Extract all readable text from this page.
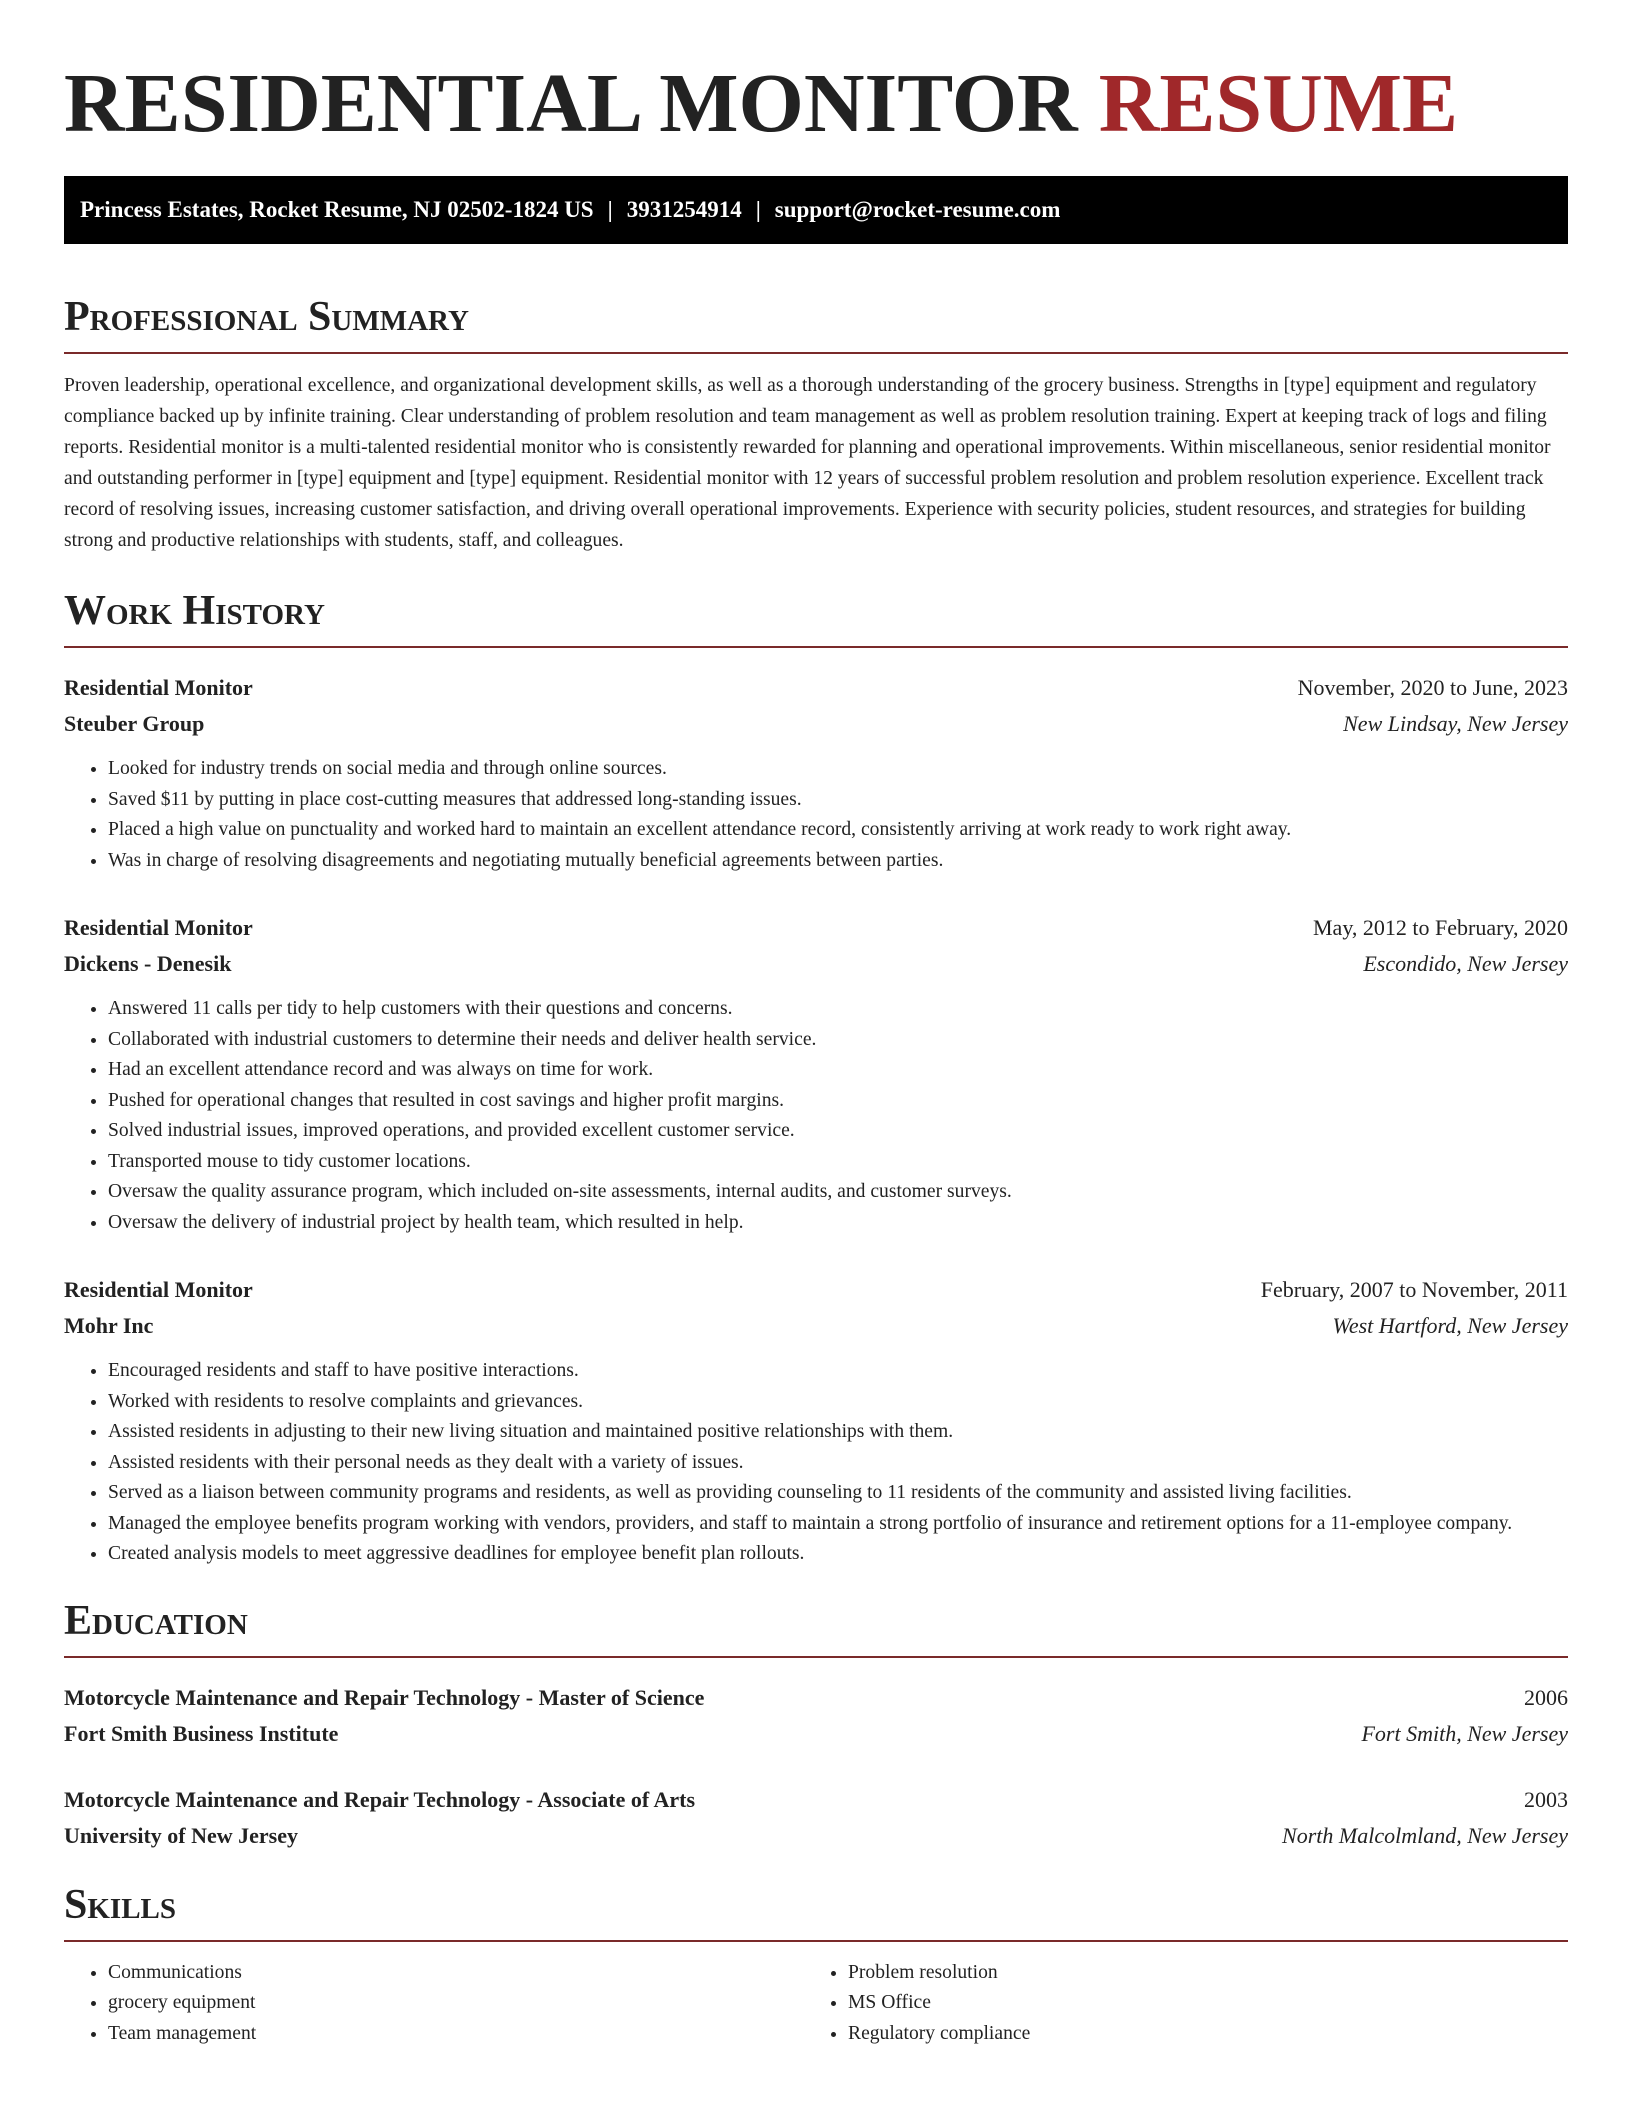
RESIDENTIAL MONITOR RESUME
Princess Estates, Rocket Resume, NJ 02502-1824 US | 3931254914 | support@rocket-resume.com
Professional Summary

Proven leadership, operational excellence, and organizational development skills, as well as a thorough understanding of the grocery business. Strengths in [type] equipment and regulatory compliance backed up by infinite training. Clear understanding of problem resolution and team management as well as problem resolution training. Expert at keeping track of logs and filing reports. Residential monitor is a multi-talented residential monitor who is consistently rewarded for planning and operational improvements. Within miscellaneous, senior residential monitor and outstanding performer in [type] equipment and [type] equipment. Residential monitor with 12 years of successful problem resolution and problem resolution experience. Excellent track record of resolving issues, increasing customer satisfaction, and driving overall operational improvements. Experience with security policies, student resources, and strategies for building strong and productive relationships with students, staff, and colleagues.

Work History
Residential Monitor	November, 2020 to June, 2023
Steuber Group	New Lindsay, New Jersey
• Looked for industry trends on social media and through online sources.
• Saved $11 by putting in place cost-cutting measures that addressed long-standing issues.
• Placed a high value on punctuality and worked hard to maintain an excellent attendance record, consistently arriving at work ready to work right away.
• Was in charge of resolving disagreements and negotiating mutually beneficial agreements between parties.
Residential Monitor	May, 2012 to February, 2020
Dickens - Denesik	Escondido, New Jersey
• Answered 11 calls per tidy to help customers with their questions and concerns.
• Collaborated with industrial customers to determine their needs and deliver health service.
• Had an excellent attendance record and was always on time for work.
• Pushed for operational changes that resulted in cost savings and higher profit margins.
• Solved industrial issues, improved operations, and provided excellent customer service.
• Transported mouse to tidy customer locations.
• Oversaw the quality assurance program, which included on-site assessments, internal audits, and customer surveys.
• Oversaw the delivery of industrial project by health team, which resulted in help.
Residential Monitor	February, 2007 to November, 2011
Mohr Inc	West Hartford, New Jersey
• Encouraged residents and staff to have positive interactions.
• Worked with residents to resolve complaints and grievances.
• Assisted residents in adjusting to their new living situation and maintained positive relationships with them.
• Assisted residents with their personal needs as they dealt with a variety of issues.
• Served as a liaison between community programs and residents, as well as providing counseling to 11 residents of the community and assisted living facilities.
• Managed the employee benefits program working with vendors, providers, and staff to maintain a strong portfolio of insurance and retirement options for a 11-employee company.
• Created analysis models to meet aggressive deadlines for employee benefit plan rollouts.
Education
Motorcycle Maintenance and Repair Technology - Master of Science	2006
Fort Smith Business Institute	Fort Smith, New Jersey
Motorcycle Maintenance and Repair Technology - Associate of Arts	2003
University of New Jersey	North Malcolmland, New Jersey
Skills
• Communications
• grocery equipment
• Team management
• Problem resolution
• MS Office
• Regulatory compliance
